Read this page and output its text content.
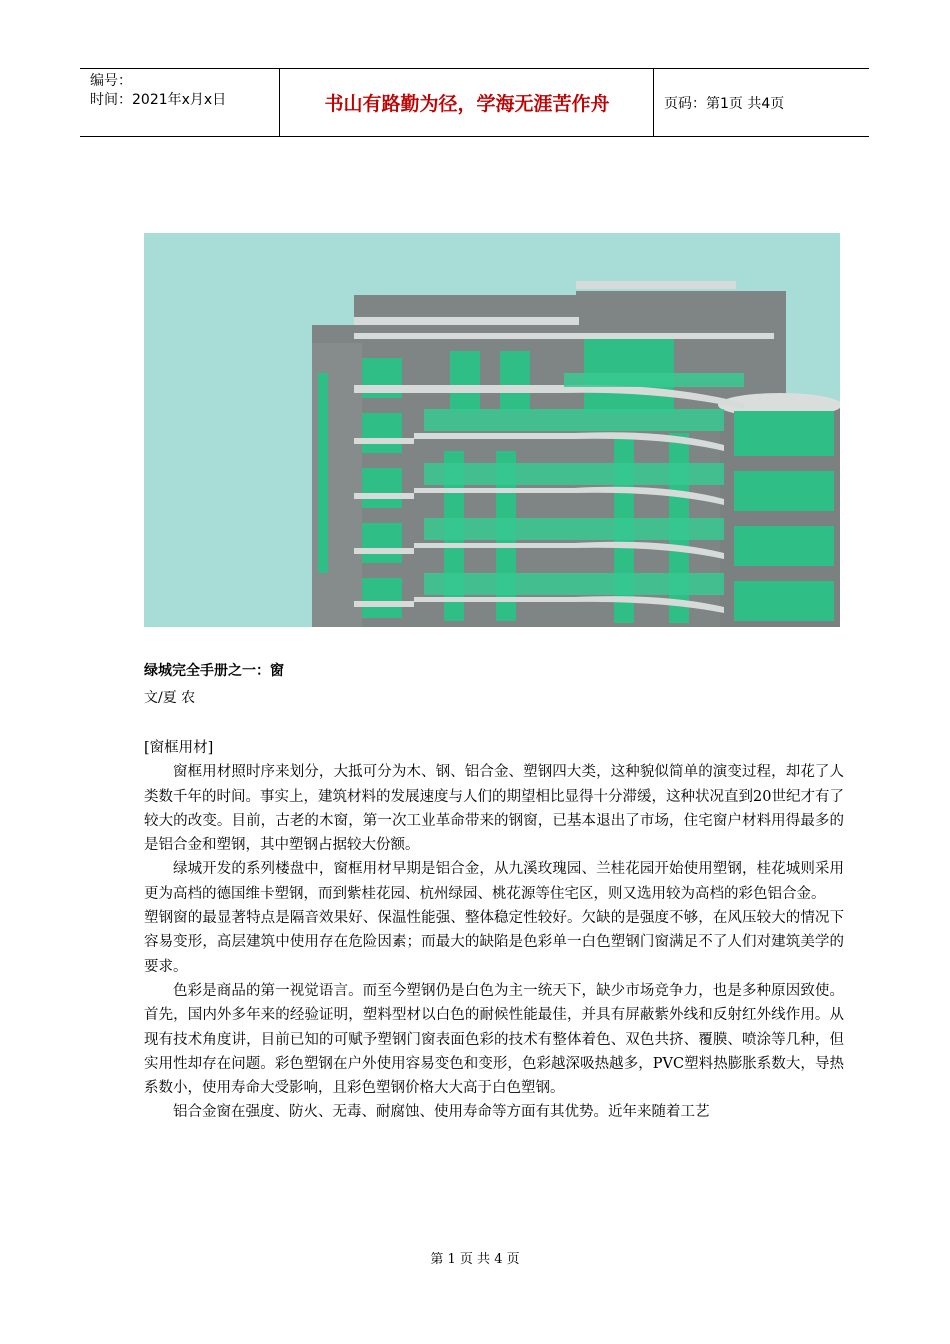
编号：
时间：2021年x月x日	书山有路勤为径，学海无涯苦作舟	页码：第1页 共4页
绿城完全手册之一：窗
文/夏 农

[窗框用材]

窗框用材照时序来划分，大抵可分为木、钢、铝合金、塑钢四大类，这种貌似简单的演变过程，却花了人类数千年的时间。事实上，建筑材料的发展速度与人们的期望相比显得十分滞缓，这种状况直到20世纪才有了较大的改变。目前，古老的木窗，第一次工业革命带来的钢窗，已基本退出了市场，住宅窗户材料用得最多的是铝合金和塑钢，其中塑钢占据较大份额。

绿城开发的系列楼盘中，窗框用材早期是铝合金，从九溪玫瑰园、兰桂花园开始使用塑钢，桂花城则采用更为高档的德国维卡塑钢，而到紫桂花园、杭州绿园、桃花源等住宅区，则又选用较为高档的彩色铝合金。

塑钢窗的最显著特点是隔音效果好、保温性能强、整体稳定性较好。欠缺的是强度不够，在风压较大的情况下容易变形，高层建筑中使用存在危险因素；而最大的缺陷是色彩单一白色塑钢门窗满足不了人们对建筑美学的要求。

色彩是商品的第一视觉语言。而至今塑钢仍是白色为主一统天下，缺少市场竞争力，也是多种原因致使。首先，国内外多年来的经验证明，塑料型材以白色的耐候性能最佳，并具有屏蔽紫外线和反射红外线作用。从现有技术角度讲，目前已知的可赋予塑钢门窗表面色彩的技术有整体着色、双色共挤、覆膜、喷涂等几种，但实用性却存在问题。彩色塑钢在户外使用容易变色和变形，色彩越深吸热越多，PVC塑料热膨胀系数大，导热系数小，使用寿命大受影响，且彩色塑钢价格大大高于白色塑钢。

铝合金窗在强度、防火、无毒、耐腐蚀、使用寿命等方面有其优势。近年来随着工艺

第 1 页 共 4 页
